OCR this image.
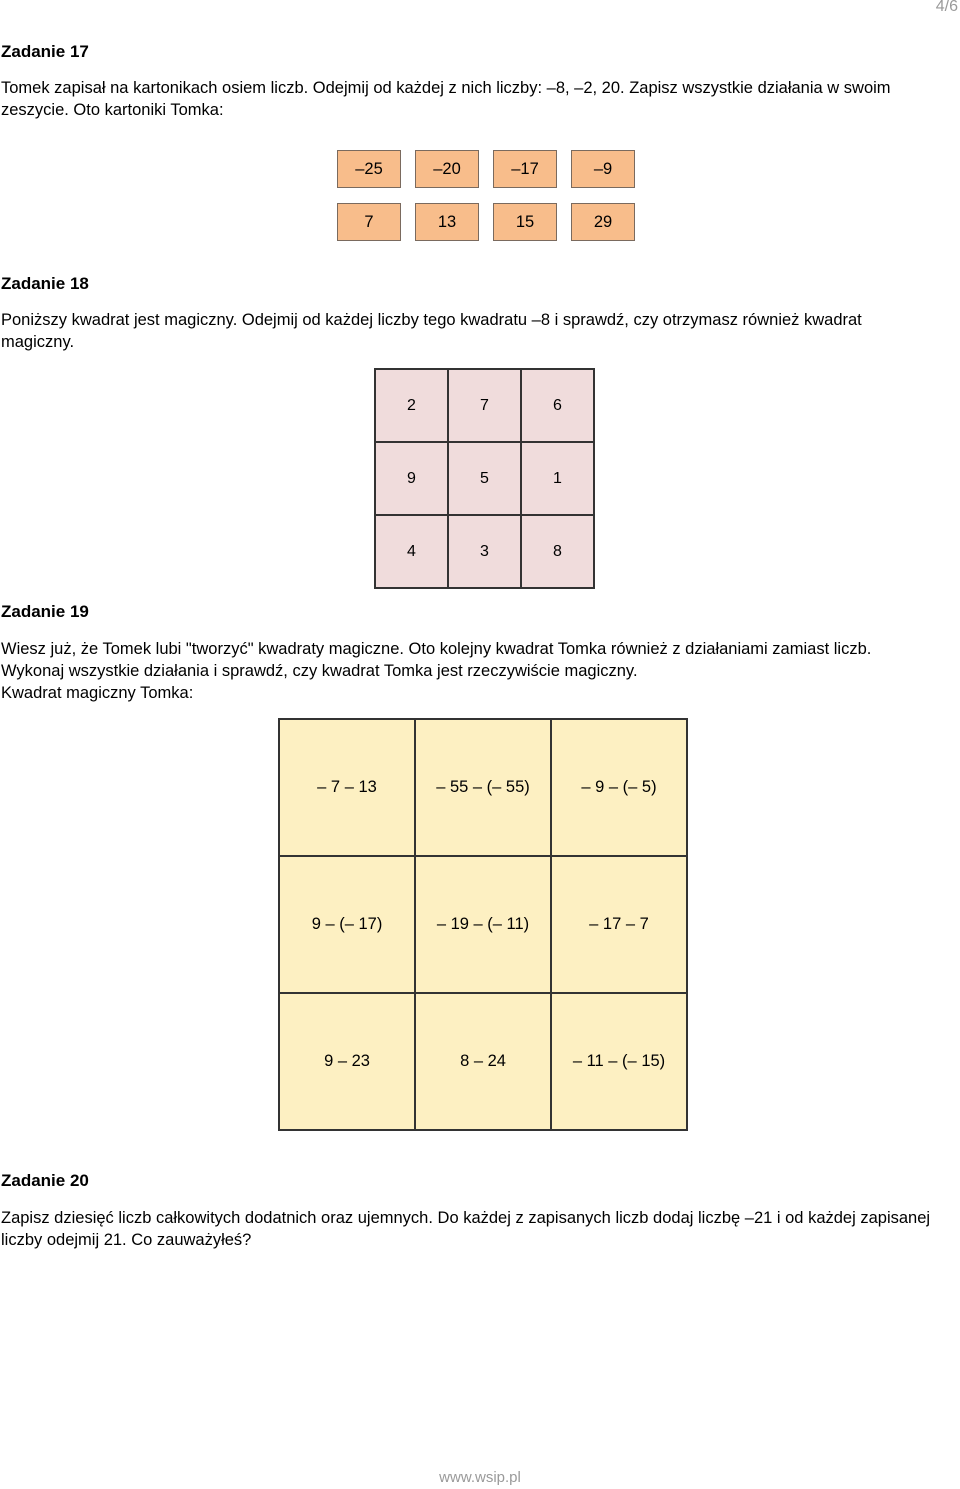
4/6
Zadanie 17
Tomek zapisał na kartonikach osiem liczb. Odejmij od każdej z nich liczby: –8, –2, 20. Zapisz wszystkie działania w swoim
zeszycie. Oto kartoniki Tomka:
–25	–20	–17	–9
7	13	15	29
Zadanie 18
Poniższy kwadrat jest magiczny. Odejmij od każdej liczby tego kwadratu –8 i sprawdź, czy otrzymasz również kwadrat
magiczny.
2	7	6
9	5	1
4	3	8
Zadanie 19
Wiesz już, że Tomek lubi "tworzyć" kwadraty magiczne. Oto kolejny kwadrat Tomka również z działaniami zamiast liczb.
Wykonaj wszystkie działania i sprawdź, czy kwadrat Tomka jest rzeczywiście magiczny.
Kwadrat magiczny Tomka:
– 7 – 13	– 55 – (– 55)	– 9 – (– 5)
9 – (– 17)	– 19 – (– 11)	– 17 – 7
9 – 23	8 – 24	– 11 – (– 15)
Zadanie 20
Zapisz dziesięć liczb całkowitych dodatnich oraz ujemnych. Do każdej z zapisanych liczb dodaj liczbę –21 i od każdej zapisanej
liczby odejmij 21. Co zauważyłeś?
www.wsip.pl
